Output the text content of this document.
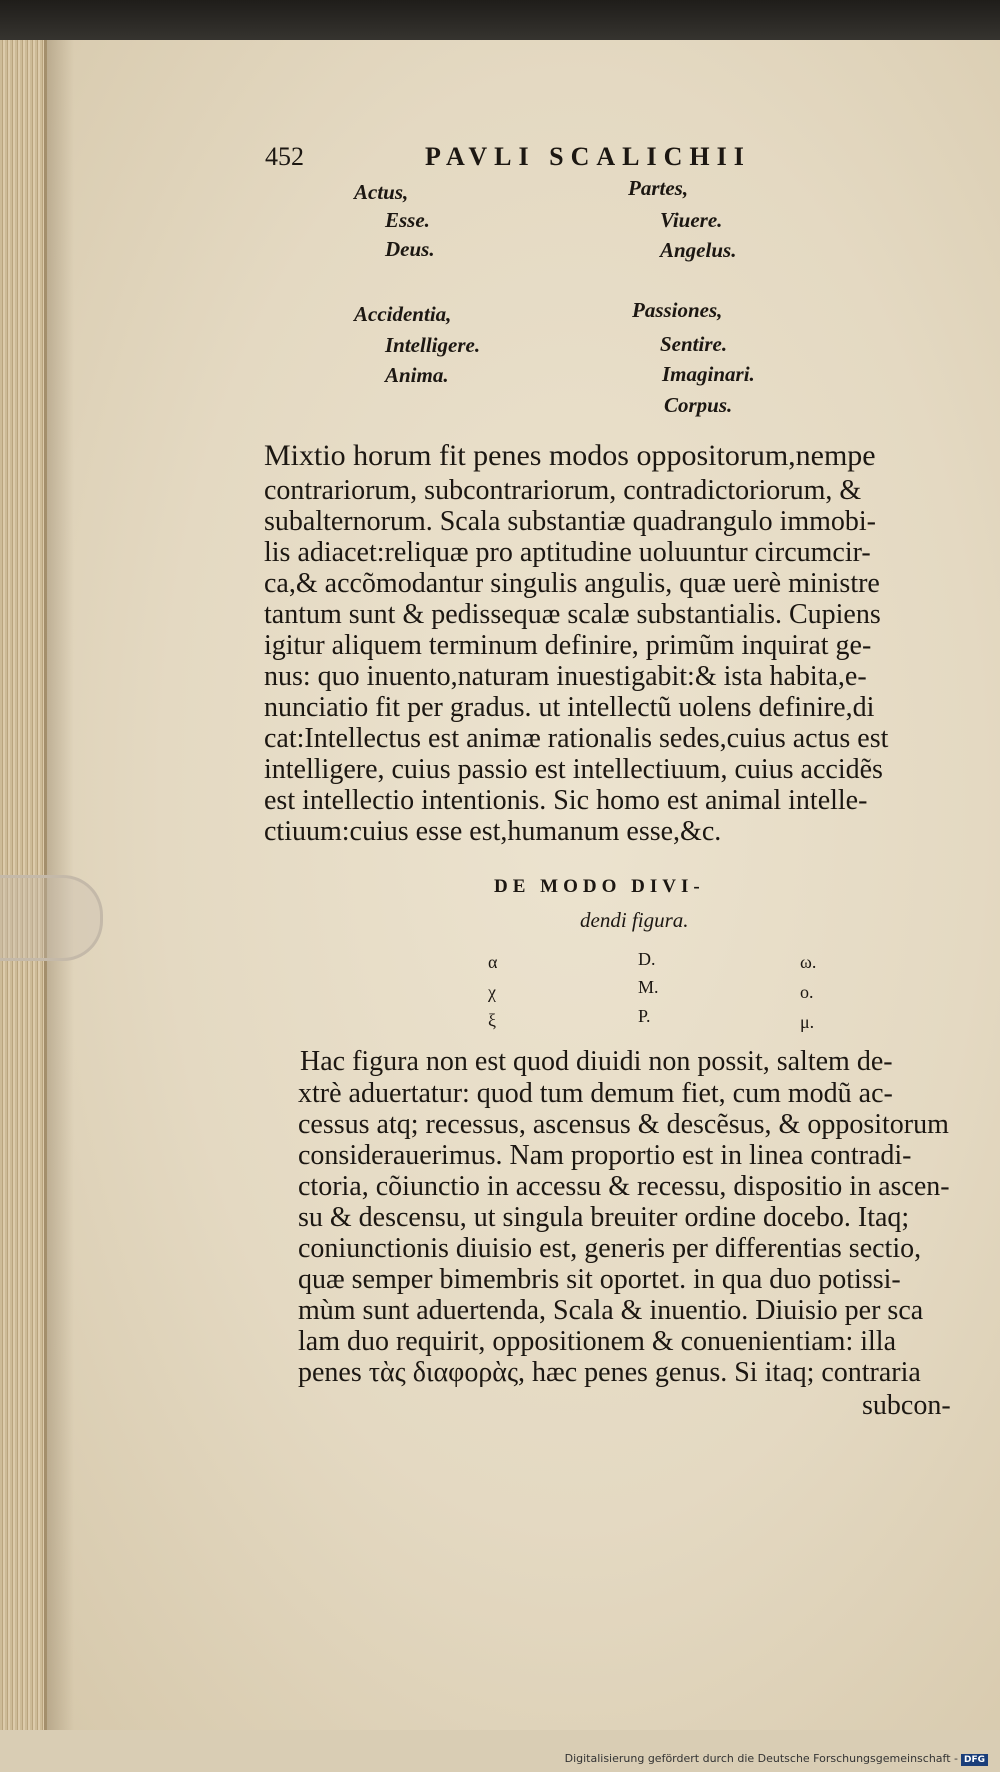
452	PAVLI SCALICHII
Actus,
Esse.
Deus.
Partes,
Viuere.
Angelus.
Accidentia,
Intelligere.
Anima.
Passiones,
Sentire.
Imaginari.
Corpus.
Mixtio horum fit penes modos oppositorum,nempe
contrariorum, subcontrariorum, contradictoriorum, &
subalternorum. Scala substantiæ quadrangulo immobi-
lis adiacet:reliquæ pro aptitudine uoluuntur circumcir-
ca,& accõmodantur singulis angulis, quæ uerè ministre
tantum sunt & pedissequæ scalæ substantialis. Cupiens
igitur aliquem terminum definire, primũm inquirat ge-
nus: quo inuento,naturam inuestigabit:& ista habita,e-
nunciatio fit per gradus. ut intellectũ uolens definire,di
cat:Intellectus est animæ rationalis sedes,cuius actus est
intelligere, cuius passio est intellectiuum, cuius accidẽs
est intellectio intentionis. Sic homo est animal intelle-
ctiuum:cuius esse est,humanum esse,&c.
DE MODO DIVI-
dendi figura.
α
χ
ξ
D.
M.
P.
ω.
ο.
μ.
Hac figura non est quod diuidi non possit, saltem de-
xtrè aduertatur: quod tum demum fiet, cum modũ ac-
cessus atq; recessus, ascensus & descẽsus, & oppositorum
considerauerimus. Nam proportio est in linea contradi-
ctoria, cõiunctio in accessu & recessu, dispositio in ascen-
su & descensu, ut singula breuiter ordine docebo. Itaq;
coniunctionis diuisio est, generis per differentias sectio,
quæ semper bimembris sit oportet. in qua duo potissi-
mùm sunt aduertenda, Scala & inuentio. Diuisio per sca
lam duo requirit, oppositionem & conuenientiam: illa
penes τὰς διαφορὰς, hæc penes genus. Si itaq; contraria
subcon-
Digitalisierung gefördert durch die Deutsche Forschungsgemeinschaft - DFG
